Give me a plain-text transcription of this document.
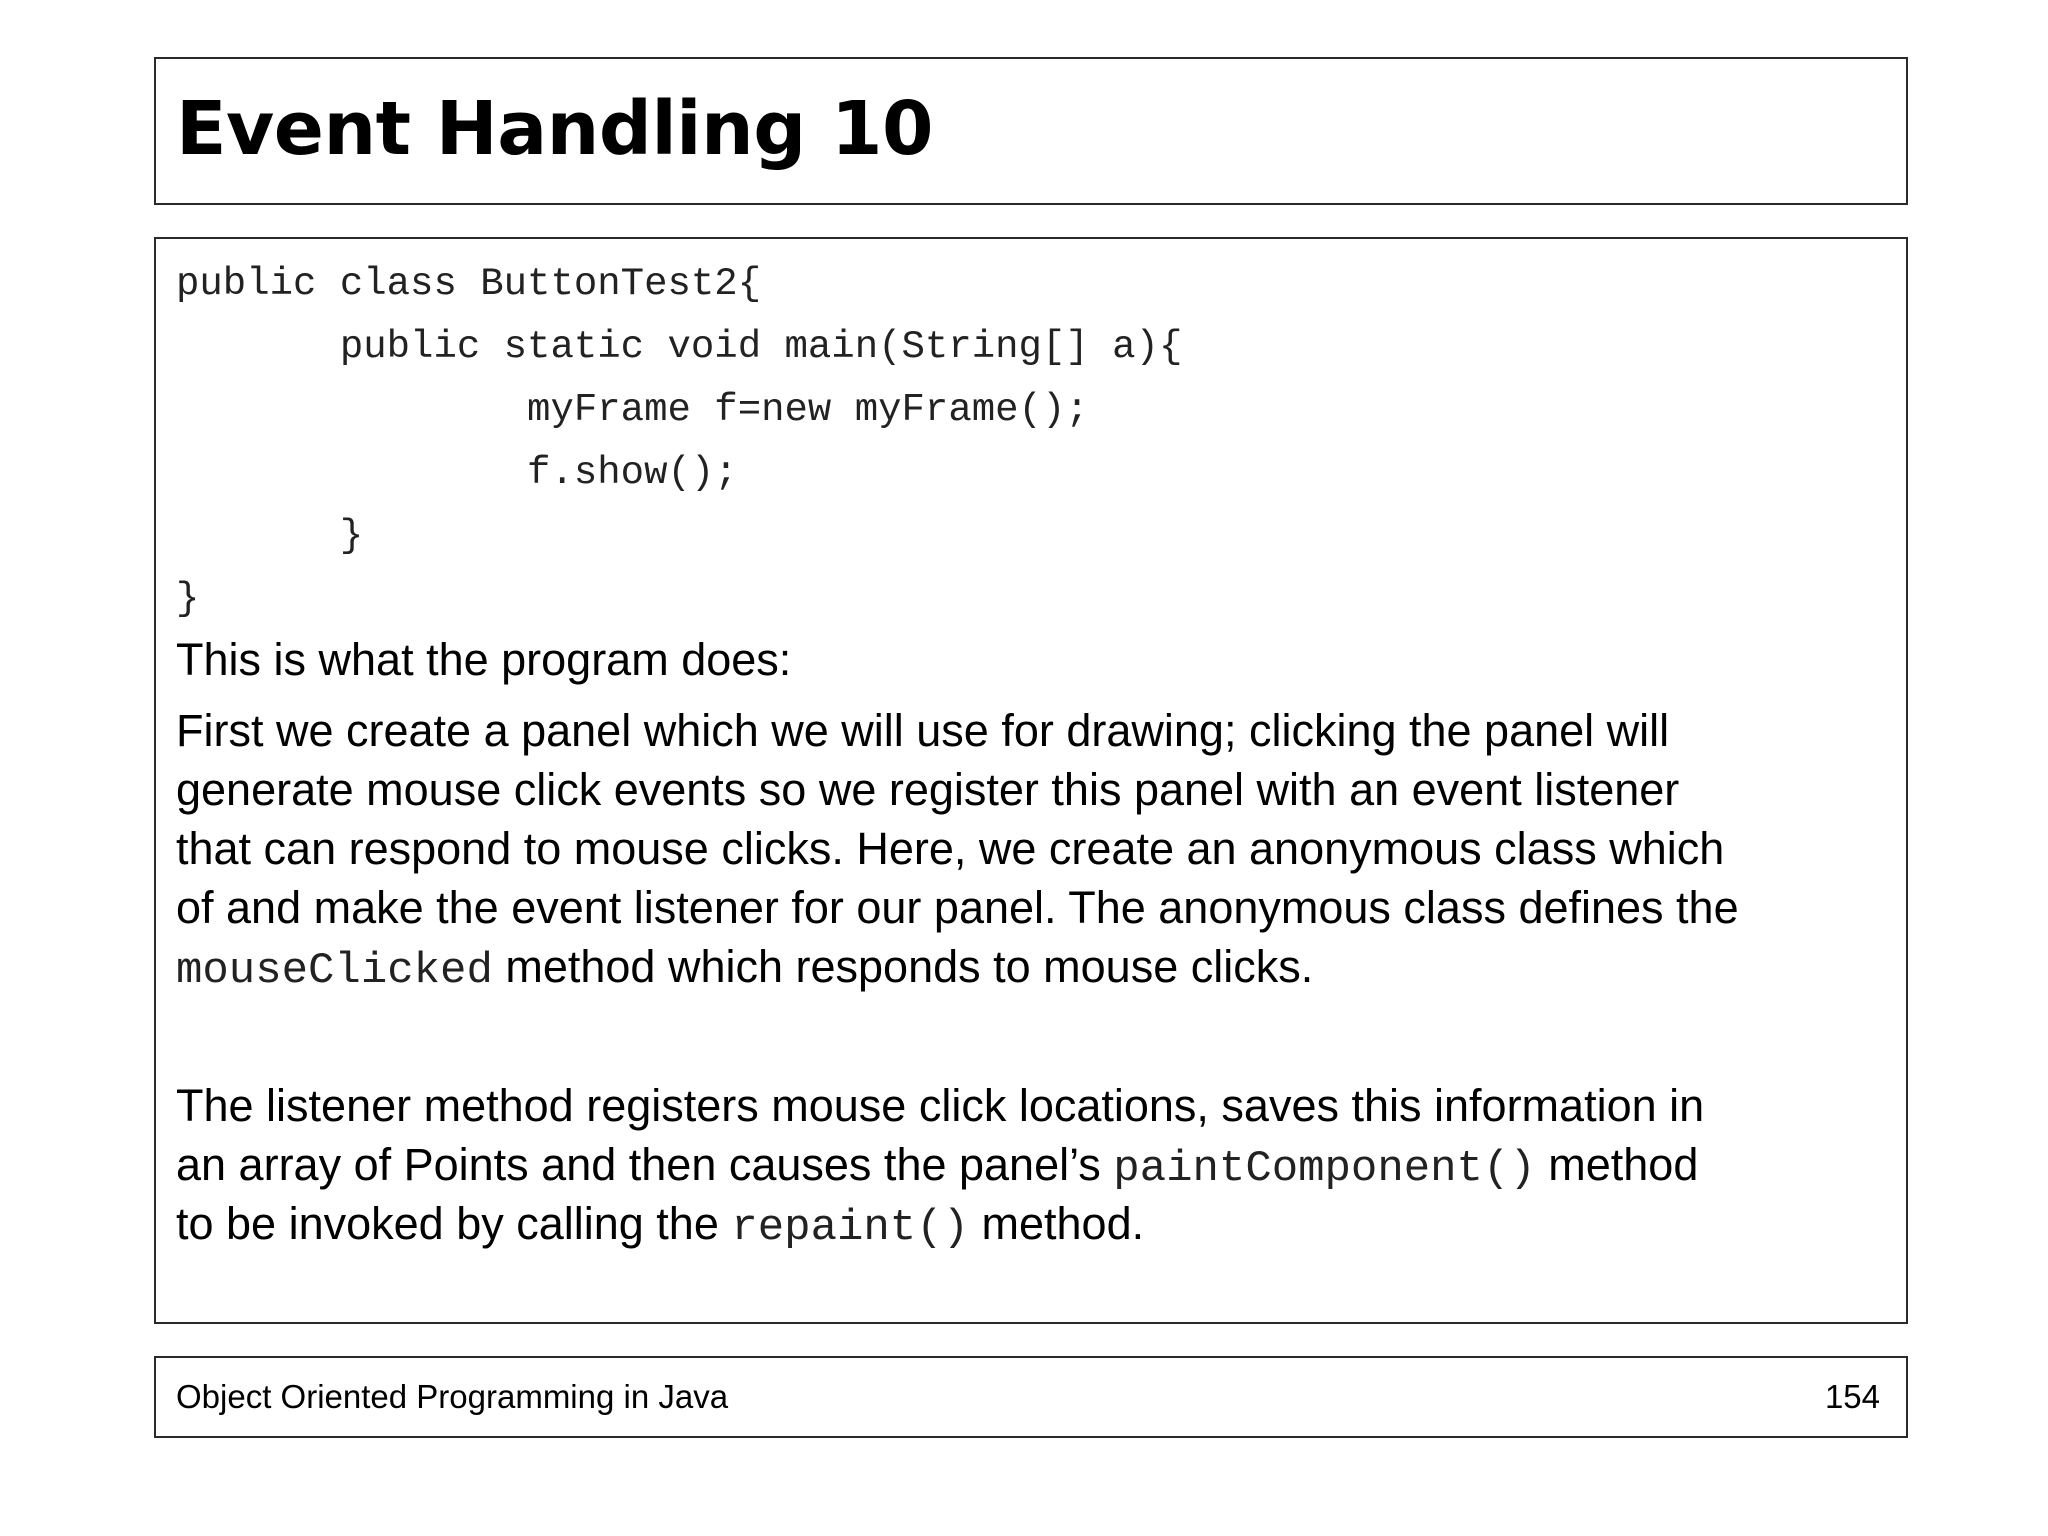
Event Handling 10
public class ButtonTest2{
public static void main(String[] a){
myFrame f=new myFrame();
f.show();
}
}

This is what the program does:

First we create a panel which we will use for drawing; clicking the panel will
generate mouse click events so we register this panel with an event listener
that can respond to mouse clicks. Here, we create an anonymous class which
of and make the event listener for our panel. The anonymous class defines the
mouseClicked method which responds to mouse clicks.
The listener method registers mouse click locations, saves this information in
an array of Points and then causes the panel’s paintComponent() method
to be invoked by calling the repaint() method.
Object Oriented Programming in Java	154
